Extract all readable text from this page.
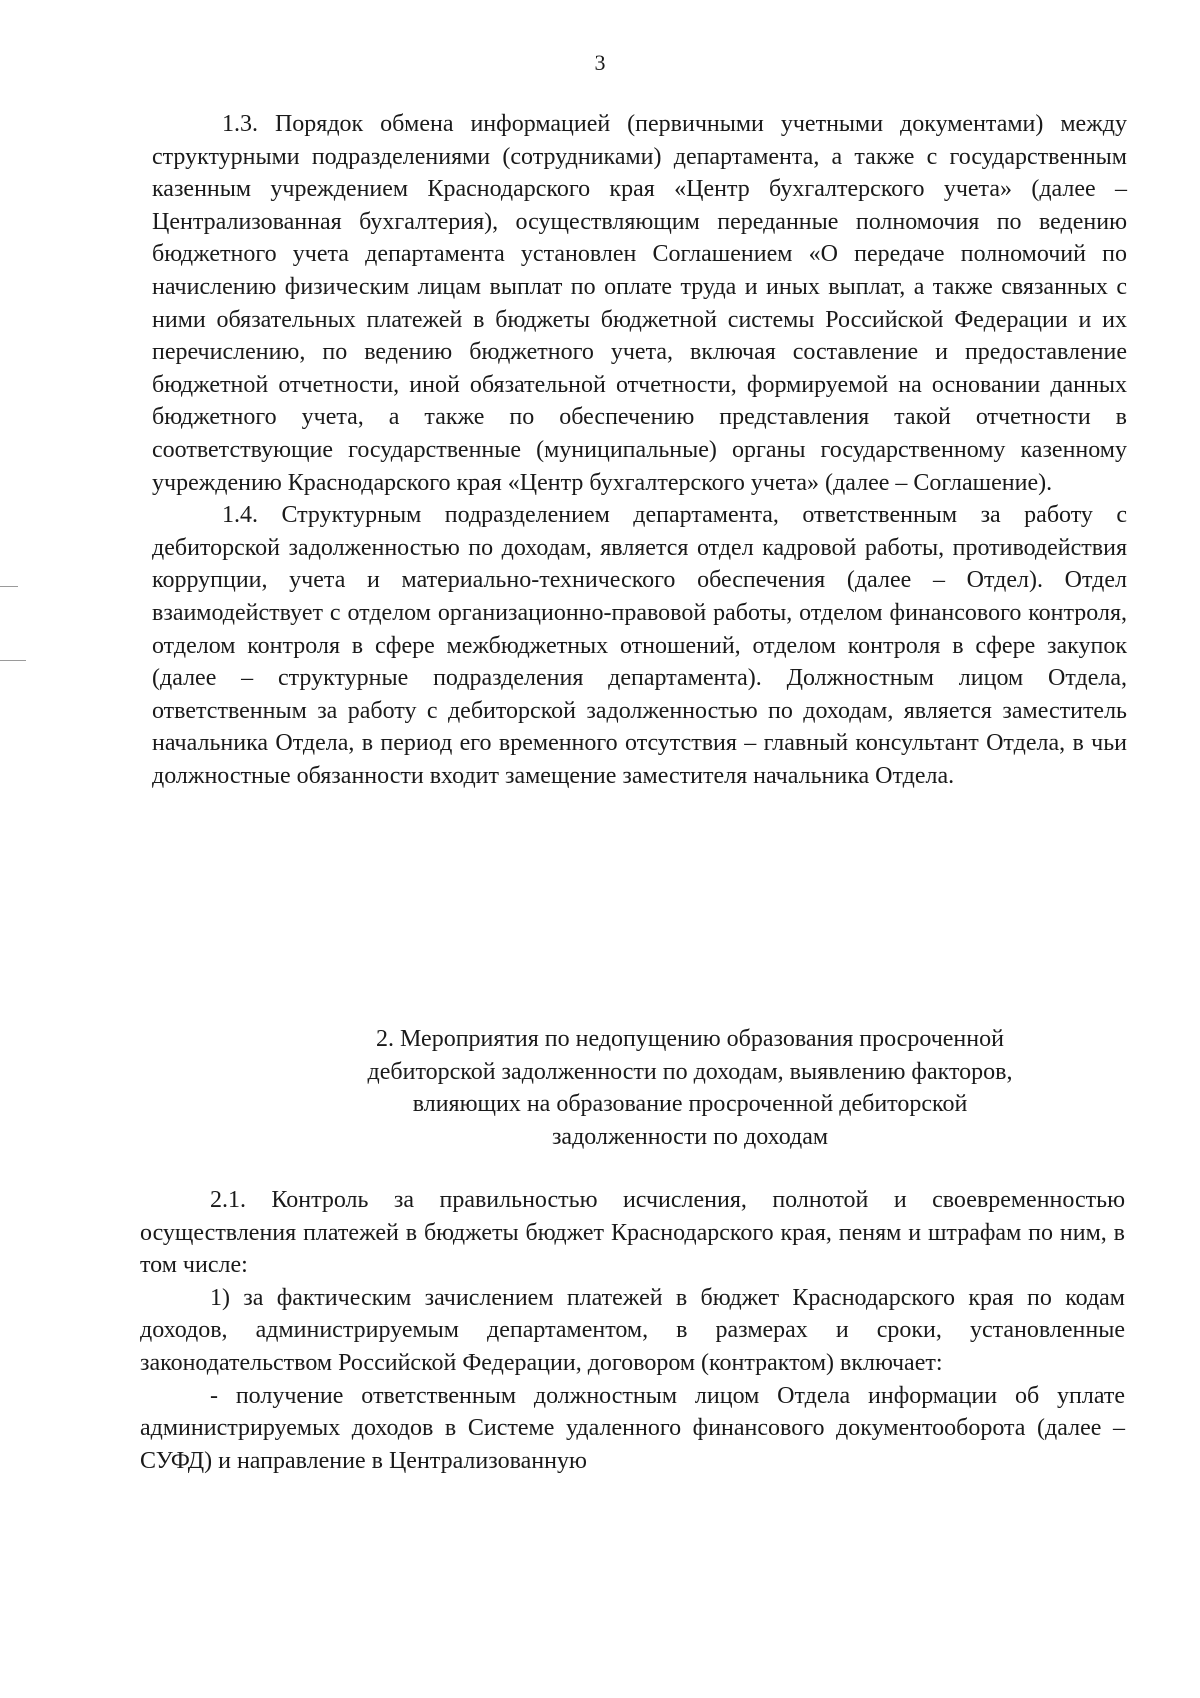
3

1.3. Порядок обмена информацией (первичными учетными документами) между структурными подразделениями (сотрудниками) департамента, а также с государственным казенным учреждением Краснодарского края «Центр бухгалтерского учета» (далее – Централизованная бухгалтерия), осуществляющим переданные полномочия по ведению бюджетного учета департамента установлен Соглашением «О передаче полномочий по начислению физическим лицам выплат по оплате труда и иных выплат, а также связанных с ними обязательных платежей в бюджеты бюджетной системы Российской Федерации и их перечислению, по ведению бюджетного учета, включая составление и предоставление бюджетной отчетности, иной обязательной отчетности, формируемой на основании данных бюджетного учета, а также по обеспечению представления такой отчетности в соответствующие государственные (муниципальные) органы государственному казенному учреждению Краснодарского края «Центр бухгалтерского учета» (далее – Соглашение).

1.4. Структурным подразделением департамента, ответственным за работу с дебиторской задолженностью по доходам, является отдел кадровой работы, противодействия коррупции, учета и материально-технического обеспечения (далее – Отдел). Отдел взаимодействует с отделом организационно-правовой работы, отделом финансового контроля, отделом контроля в сфере межбюджетных отношений, отделом контроля в сфере закупок (далее – структурные подразделения департамента). Должностным лицом Отдела, ответственным за работу с дебиторской задолженностью по доходам, является заместитель начальника Отдела, в период его временного отсутствия – главный консультант Отдела, в чьи должностные обязанности входит замещение заместителя начальника Отдела.

2. Мероприятия по недопущению образования просроченной
дебиторской задолженности по доходам, выявлению факторов,
влияющих на образование просроченной дебиторской
задолженности по доходам

2.1. Контроль за правильностью исчисления, полнотой и своевременностью осуществления платежей в бюджеты бюджет Краснодарского края, пеням и штрафам по ним, в том числе:

1) за фактическим зачислением платежей в бюджет Краснодарского края по кодам доходов, администрируемым департаментом, в размерах и сроки, установленные законодательством Российской Федерации, договором (контрактом) включает:

- получение ответственным должностным лицом Отдела информации об уплате администрируемых доходов в Системе удаленного финансового документооборота (далее – СУФД) и направление в Централизованную
